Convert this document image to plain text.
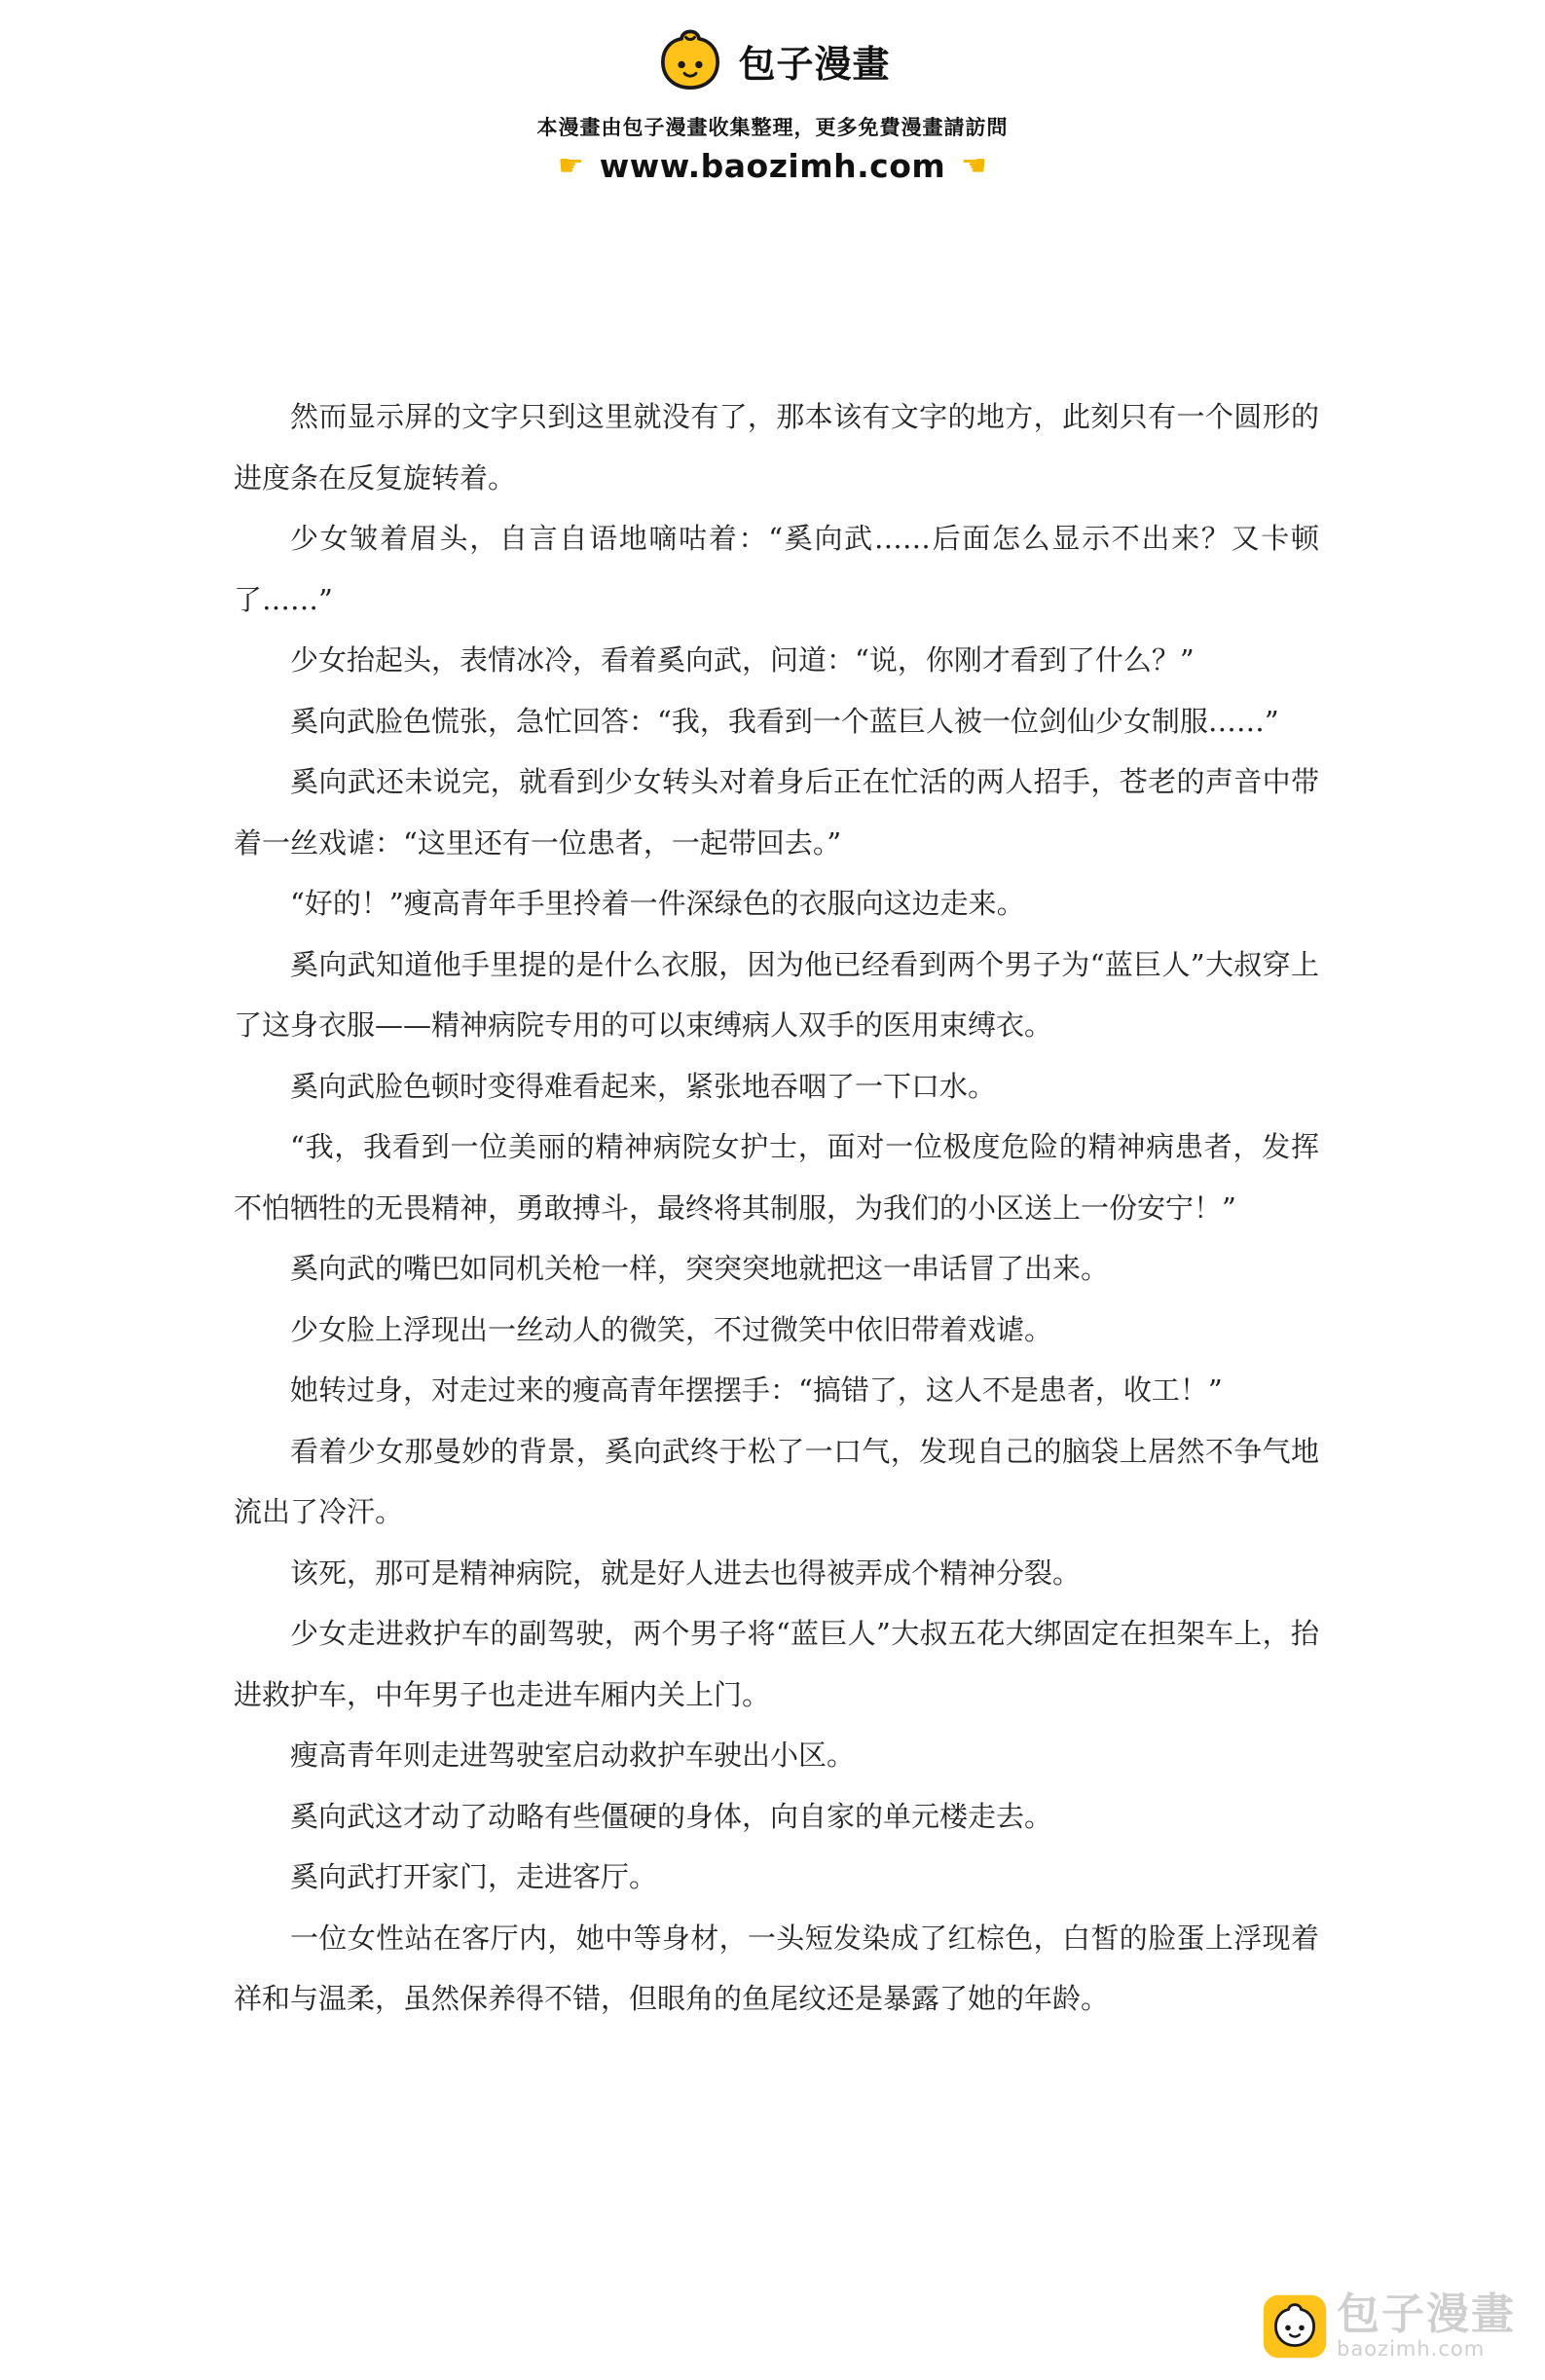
包子漫畫
本漫畫由包子漫畫收集整理，更多免費漫畫請訪問
☛ www.baozimh.com ☛

然而显示屏的文字只到这里就没有了，那本该有文字的地方，此刻只有一个圆形的进度条在反复旋转着。

少女皱着眉头，自言自语地嘀咕着：“奚向武……后面怎么显示不出来？又卡顿了……”

少女抬起头，表情冰冷，看着奚向武，问道：“说，你刚才看到了什么？”

奚向武脸色慌张，急忙回答：“我，我看到一个蓝巨人被一位剑仙少女制服……”

奚向武还未说完，就看到少女转头对着身后正在忙活的两人招手，苍老的声音中带着一丝戏谑：“这里还有一位患者，一起带回去。”

“好的！”瘦高青年手里拎着一件深绿色的衣服向这边走来。

奚向武知道他手里提的是什么衣服，因为他已经看到两个男子为“蓝巨人”大叔穿上了这身衣服——精神病院专用的可以束缚病人双手的医用束缚衣。

奚向武脸色顿时变得难看起来，紧张地吞咽了一下口水。

“我，我看到一位美丽的精神病院女护士，面对一位极度危险的精神病患者，发挥不怕牺牲的无畏精神，勇敢搏斗，最终将其制服，为我们的小区送上一份安宁！”

奚向武的嘴巴如同机关枪一样，突突突地就把这一串话冒了出来。

少女脸上浮现出一丝动人的微笑，不过微笑中依旧带着戏谑。

她转过身，对走过来的瘦高青年摆摆手：“搞错了，这人不是患者，收工！”

看着少女那曼妙的背景，奚向武终于松了一口气，发现自己的脑袋上居然不争气地流出了冷汗。

该死，那可是精神病院，就是好人进去也得被弄成个精神分裂。

少女走进救护车的副驾驶，两个男子将“蓝巨人”大叔五花大绑固定在担架车上，抬进救护车，中年男子也走进车厢内关上门。

瘦高青年则走进驾驶室启动救护车驶出小区。

奚向武这才动了动略有些僵硬的身体，向自家的单元楼走去。

奚向武打开家门，走进客厅。

一位女性站在客厅内，她中等身材，一头短发染成了红棕色，白皙的脸蛋上浮现着祥和与温柔，虽然保养得不错，但眼角的鱼尾纹还是暴露了她的年龄。

包子漫畫
baozimh.com
